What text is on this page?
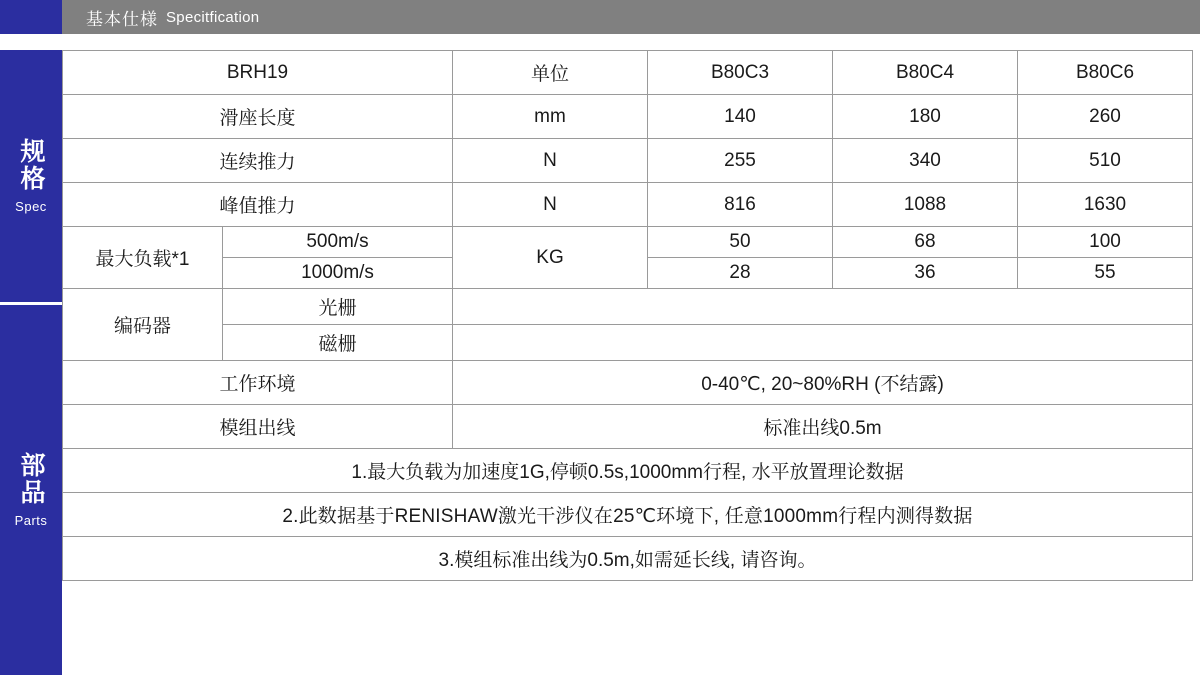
基本仕様 Specitfication
规格
Spec
部品
Parts
BRH19		单位	B80C3	B80C4	B80C6
滑座长度		mm	140	180	260
连续推力		N	255	340	510
峰值推力		N	816	1088	1630
最大负载*1	500m/s	KG	50	68	100
	1000m/s		28	36	55
编码器	光栅				
	磁栅				
工作环境		0-40℃, 20~80%RH (不结露)			
模组出线		标准出线0.5m			
1.最大负载为加速度1G,停顿0.5s,1000mm行程, 水平放置理论数据					
2.此数据基于RENISHAW激光干涉仪在25℃环境下, 任意1000mm行程内测得数据					
3.模组标准出线为0.5m,如需延长线, 请咨询。					
